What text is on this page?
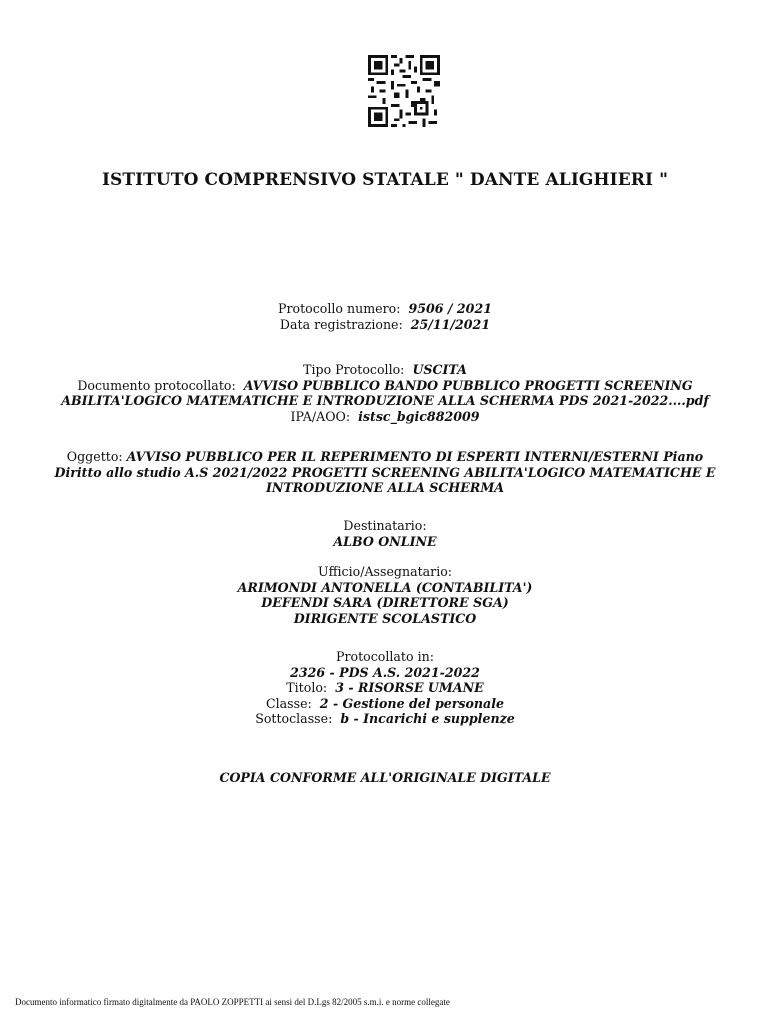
ISTITUTO COMPRENSIVO STATALE " DANTE ALIGHIERI "
Protocollo numero: 9506 / 2021
Data registrazione: 25/11/2021
Tipo Protocollo: USCITA
Documento protocollato: AVVISO PUBBLICO BANDO PUBBLICO PROGETTI SCREENING
ABILITA'LOGICO MATEMATICHE E INTRODUZIONE ALLA SCHERMA PDS 2021-2022....pdf
IPA/AOO: istsc_bgic882009
Oggetto: AVVISO PUBBLICO PER IL REPERIMENTO DI ESPERTI INTERNI/ESTERNI Piano
Diritto allo studio A.S 2021/2022 PROGETTI SCREENING ABILITA'LOGICO MATEMATICHE E
INTRODUZIONE ALLA SCHERMA
Destinatario:
ALBO ONLINE
Ufficio/Assegnatario:
ARIMONDI ANTONELLA (CONTABILITA')
DEFENDI SARA (DIRETTORE SGA)
DIRIGENTE SCOLASTICO
Protocollato in:
2326 - PDS A.S. 2021-2022
Titolo: 3 - RISORSE UMANE
Classe: 2 - Gestione del personale
Sottoclasse: b - Incarichi e supplenze
COPIA CONFORME ALL'ORIGINALE DIGITALE
Documento informatico firmato digitalmente da PAOLO ZOPPETTI ai sensi del D.Lgs 82/2005 s.m.i. e norme collegate
